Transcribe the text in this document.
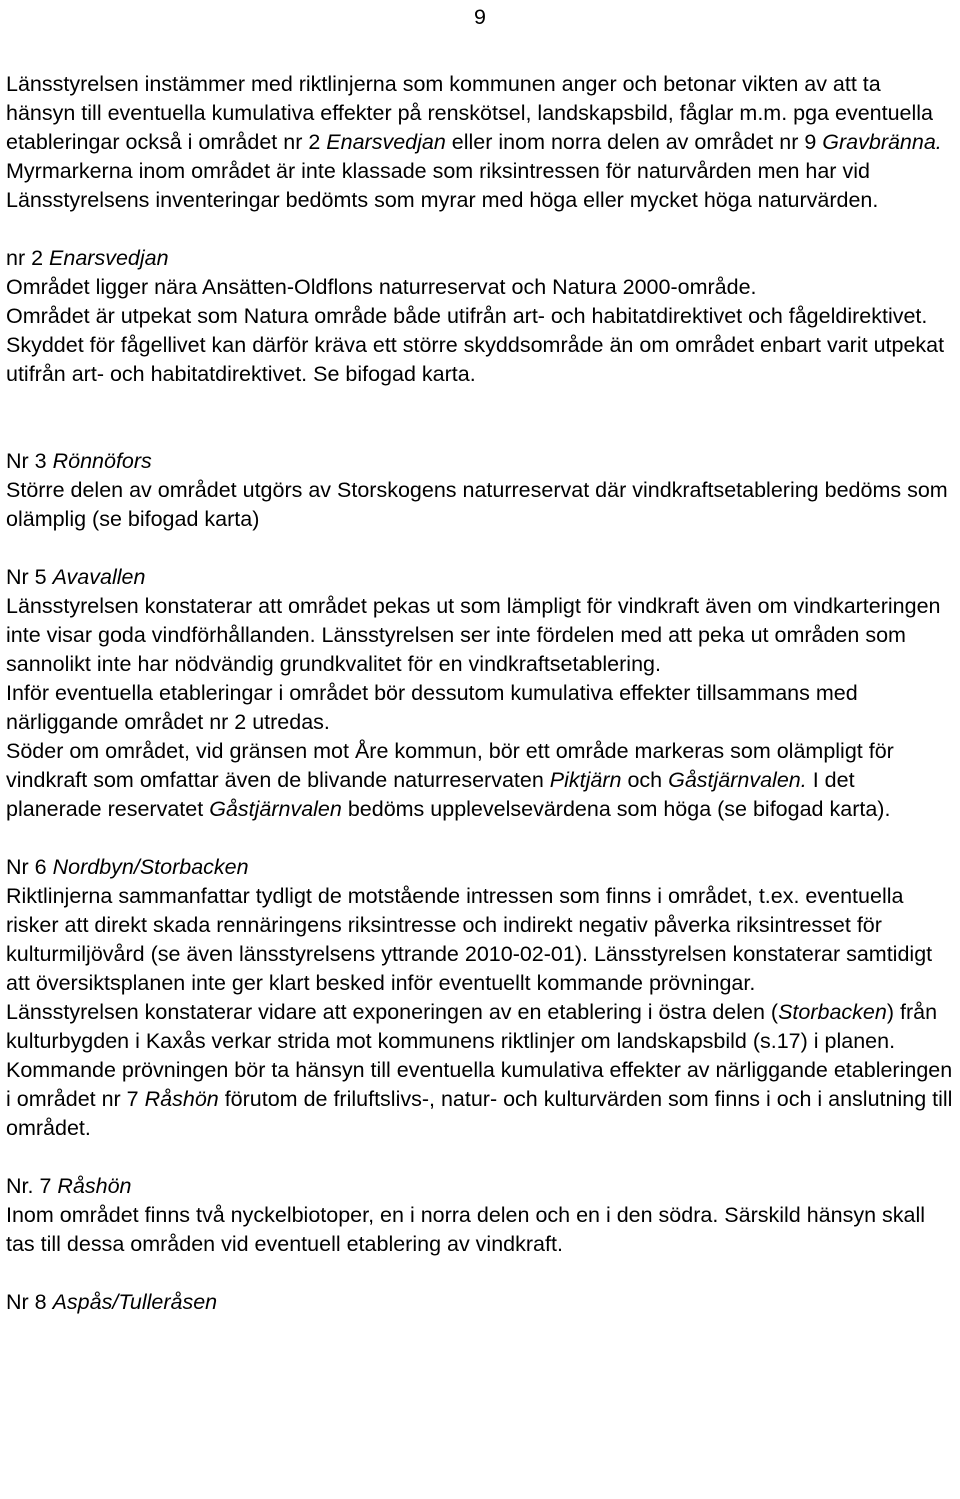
9

Länsstyrelsen instämmer med riktlinjerna som kommunen anger och betonar vikten av att ta hänsyn till eventuella kumulativa effekter på renskötsel, landskapsbild, fåglar m.m. pga eventuella etableringar också i området nr 2 Enarsvedjan eller inom norra delen av området nr 9 Gravbränna.

Myrmarkerna inom området är inte klassade som riksintressen för naturvården men har vid Länsstyrelsens inventeringar bedömts som myrar med höga eller mycket höga naturvärden.

nr 2 Enarsvedjan

Området ligger nära Ansätten-Oldflons naturreservat och Natura 2000-område.

Området är utpekat som Natura område både utifrån art- och habitatdirektivet och fågeldirektivet. Skyddet för fågellivet kan därför kräva ett större skyddsområde än om området enbart varit utpekat utifrån art- och habitatdirektivet. Se bifogad karta.

Nr 3 Rönnöfors

Större delen av området utgörs av Storskogens naturreservat där vindkraftsetablering bedöms som olämplig (se bifogad karta)

Nr 5 Avavallen

Länsstyrelsen konstaterar att området pekas ut som lämpligt för vindkraft även om vindkarteringen inte visar goda vindförhållanden. Länsstyrelsen ser inte fördelen med att peka ut områden som sannolikt inte har nödvändig grundkvalitet för en vindkraftsetablering.

Inför eventuella etableringar i området bör dessutom kumulativa effekter tillsammans med närliggande området nr 2 utredas.

Söder om området, vid gränsen mot Åre kommun, bör ett område markeras som olämpligt för vindkraft som omfattar även de blivande naturreservaten Piktjärn och Gåstjärnvalen. I det planerade reservatet Gåstjärnvalen bedöms upplevelsevärdena som höga (se bifogad karta).

Nr 6 Nordbyn/Storbacken

Riktlinjerna sammanfattar tydligt de motstående intressen som finns i området, t.ex. eventuella risker att direkt skada rennäringens riksintresse och indirekt negativ påverka riksintresset för kulturmiljövård (se även länsstyrelsens yttrande 2010-02-01). Länsstyrelsen konstaterar samtidigt att översiktsplanen inte ger klart besked inför eventuellt kommande prövningar.

Länsstyrelsen konstaterar vidare att exponeringen av en etablering i östra delen (Storbacken) från kulturbygden i Kaxås verkar strida mot kommunens riktlinjer om landskapsbild (s.17) i planen.

Kommande prövningen bör ta hänsyn till eventuella kumulativa effekter av närliggande etableringen i området nr 7 Råshön förutom de friluftslivs-, natur- och kulturvärden som finns i och i anslutning till området.

Nr. 7 Råshön

Inom området finns två nyckelbiotoper, en i norra delen och en i den södra. Särskild hänsyn skall tas till dessa områden vid eventuell etablering av vindkraft.

Nr 8 Aspås/Tulleråsen
